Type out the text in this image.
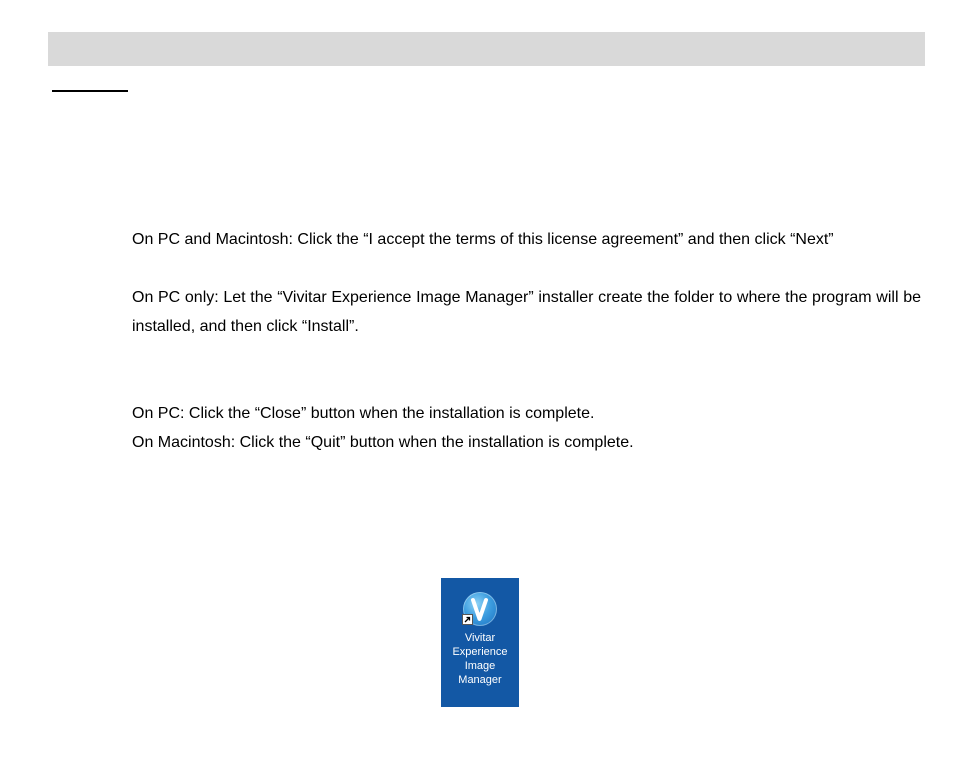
On PC and Macintosh: Click the “I accept the terms of this license agreement” and then click “Next”

On PC only: Let the “Vivitar Experience Image Manager” installer create the folder to where the program will be installed, and then click “Install”.

On PC: Click the “Close” button when the installation is complete.

On Macintosh: Click the “Quit” button when the installation is complete.

Vivitar
Experience
Image
Manager
